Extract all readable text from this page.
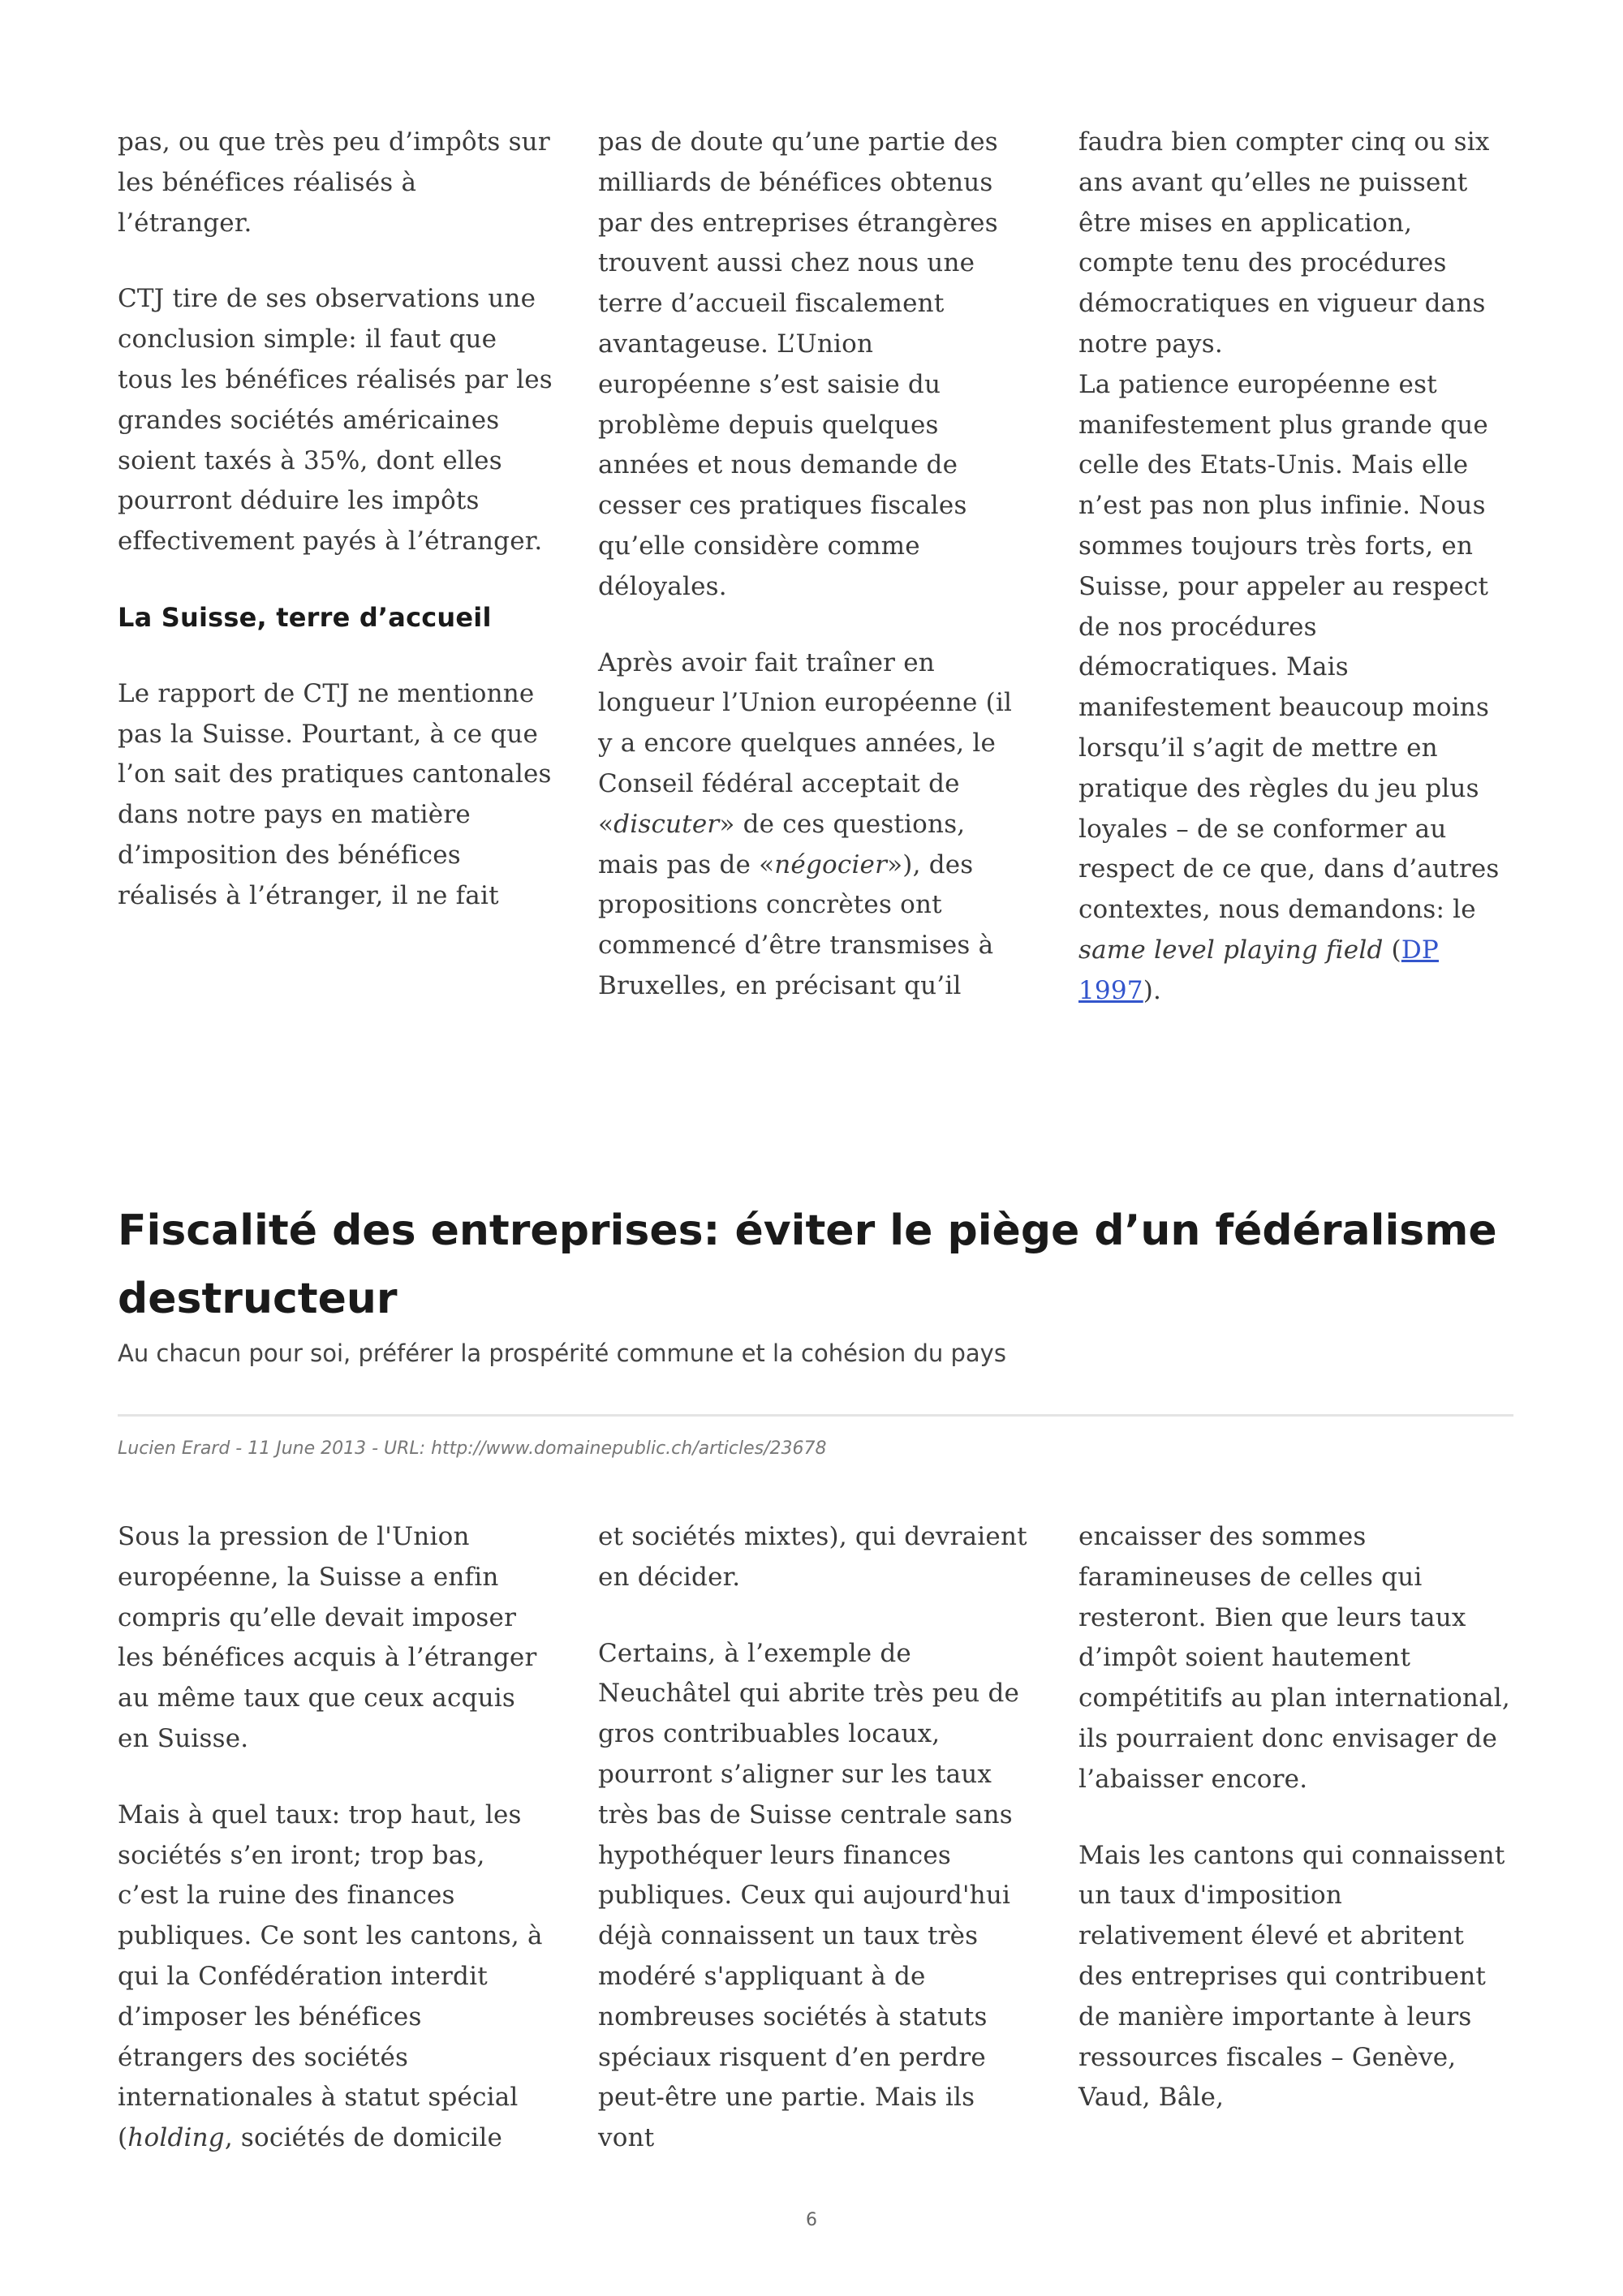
pas, ou que très peu d’impôts sur les bénéfices réalisés à l’étranger.

CTJ tire de ses observations une conclusion simple: il faut que tous les bénéfices réalisés par les grandes sociétés américaines soient taxés à 35%, dont elles pourront déduire les impôts effectivement payés à l’étranger.

La Suisse, terre d’accueil

Le rapport de CTJ ne mentionne pas la Suisse. Pourtant, à ce que l’on sait des pratiques cantonales dans notre pays en matière d’imposition des bénéfices réalisés à l’étranger, il ne fait

pas de doute qu’une partie des milliards de bénéfices obtenus par des entreprises étrangères trouvent aussi chez nous une terre d’accueil fiscalement avantageuse. L’Union européenne s’est saisie du problème depuis quelques années et nous demande de cesser ces pratiques fiscales qu’elle considère comme déloyales.

Après avoir fait traîner en longueur l’Union européenne (il y a encore quelques années, le Conseil fédéral acceptait de «discuter» de ces questions, mais pas de «négocier»), des propositions concrètes ont commencé d’être transmises à Bruxelles, en précisant qu’il

faudra bien compter cinq ou six ans avant qu’elles ne puissent être mises en application, compte tenu des procédures démocratiques en vigueur dans notre pays.

La patience européenne est manifestement plus grande que celle des Etats-Unis. Mais elle n’est pas non plus infinie. Nous sommes toujours très forts, en Suisse, pour appeler au respect de nos procédures démocratiques. Mais manifestement beaucoup moins lorsqu’il s’agit de mettre en pratique des règles du jeu plus loyales – de se conformer au respect de ce que, dans d’autres contextes, nous demandons: le same level playing field (DP 1997).

Fiscalité des entreprises: éviter le piège d’un fédéralisme destructeur

Au chacun pour soi, préférer la prospérité commune et la cohésion du pays

Lucien Erard - 11 June 2013 - URL: http://www.domainepublic.ch/articles/23678

Sous la pression de l'Union européenne, la Suisse a enfin compris qu’elle devait imposer les bénéfices acquis à l’étranger au même taux que ceux acquis en Suisse.

Mais à quel taux: trop haut, les sociétés s’en iront; trop bas, c’est la ruine des finances publiques. Ce sont les cantons, à qui la Confédération interdit d’imposer les bénéfices étrangers des sociétés internationales à statut spécial (holding, sociétés de domicile

et sociétés mixtes), qui devraient en décider.

Certains, à l’exemple de Neuchâtel qui abrite très peu de gros contribuables locaux, pourront s’aligner sur les taux très bas de Suisse centrale sans hypothéquer leurs finances publiques. Ceux qui aujourd'hui déjà connaissent un taux très modéré s'appliquant à de nombreuses sociétés à statuts spéciaux risquent d’en perdre peut-être une partie. Mais ils vont

encaisser des sommes faramineuses de celles qui resteront. Bien que leurs taux d’impôt soient hautement compétitifs au plan international, ils pourraient donc envisager de l’abaisser encore.

Mais les cantons qui connaissent un taux d'imposition relativement élevé et abritent des entreprises qui contribuent de manière importante à leurs ressources fiscales – Genève, Vaud, Bâle,

6
